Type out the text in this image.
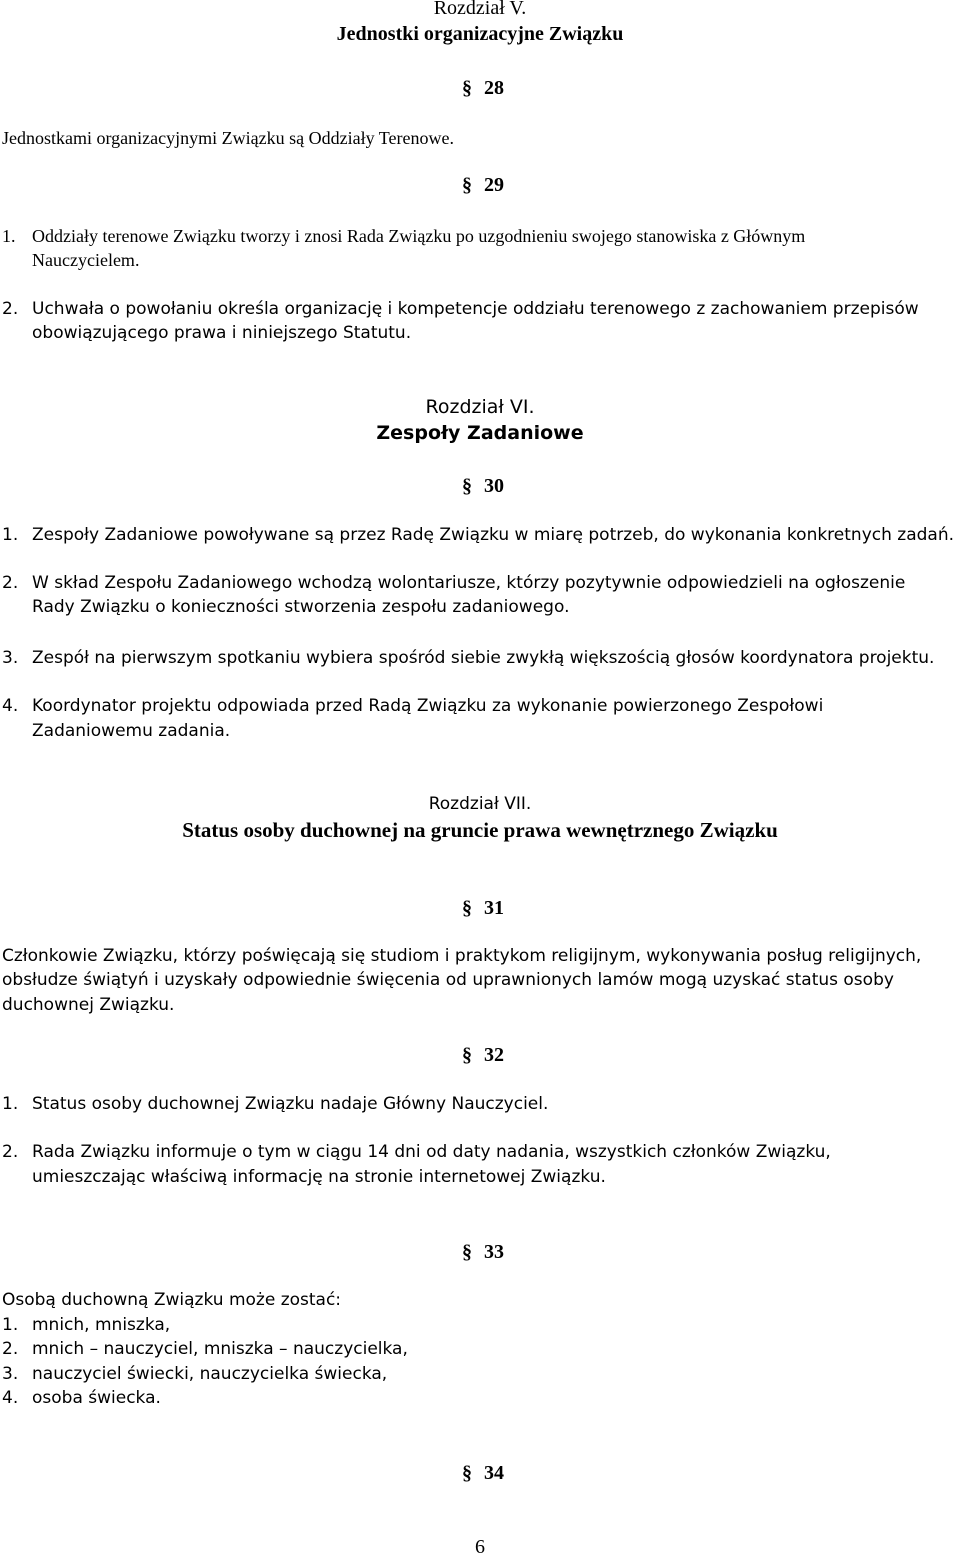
Rozdział V.
Jednostki organizacyjne Związku
§ 28
Jednostkami organizacyjnymi Związku są Oddziały Terenowe.
§ 29
1. Oddziały terenowe Związku tworzy i znosi Rada Związku po uzgodnieniu swojego stanowiska z Głównym
Nauczycielem.
2. Uchwała o powołaniu określa organizację i kompetencje oddziału terenowego z zachowaniem przepisów
obowiązującego prawa i niniejszego Statutu.
Rozdział VI.
Zespoły Zadaniowe
§ 30
1. Zespoły Zadaniowe powoływane są przez Radę Związku w miarę potrzeb, do wykonania konkretnych zadań.
2. W skład Zespołu Zadaniowego wchodzą wolontariusze, którzy pozytywnie odpowiedzieli na ogłoszenie
Rady Związku o konieczności stworzenia zespołu zadaniowego.
3. Zespół na pierwszym spotkaniu wybiera spośród siebie zwykłą większością głosów koordynatora projektu.
4. Koordynator projektu odpowiada przed Radą Związku za wykonanie powierzonego Zespołowi
Zadaniowemu zadania.
Rozdział VII.
Status osoby duchownej na gruncie prawa wewnętrznego Związku
§ 31
Członkowie Związku, którzy poświęcają się studiom i praktykom religijnym, wykonywania posług religijnych,
obsłudze świątyń i uzyskały odpowiednie święcenia od uprawnionych lamów mogą uzyskać status osoby
duchownej Związku.
§ 32
1. Status osoby duchownej Związku nadaje Główny Nauczyciel.
2. Rada Związku informuje o tym w ciągu 14 dni od daty nadania, wszystkich członków Związku,
umieszczając właściwą informację na stronie internetowej Związku.
§ 33
Osobą duchowną Związku może zostać:
1. mnich, mniszka,
2. mnich – nauczyciel, mniszka – nauczycielka,
3. nauczyciel świecki, nauczycielka świecka,
4. osoba świecka.
§ 34
6
